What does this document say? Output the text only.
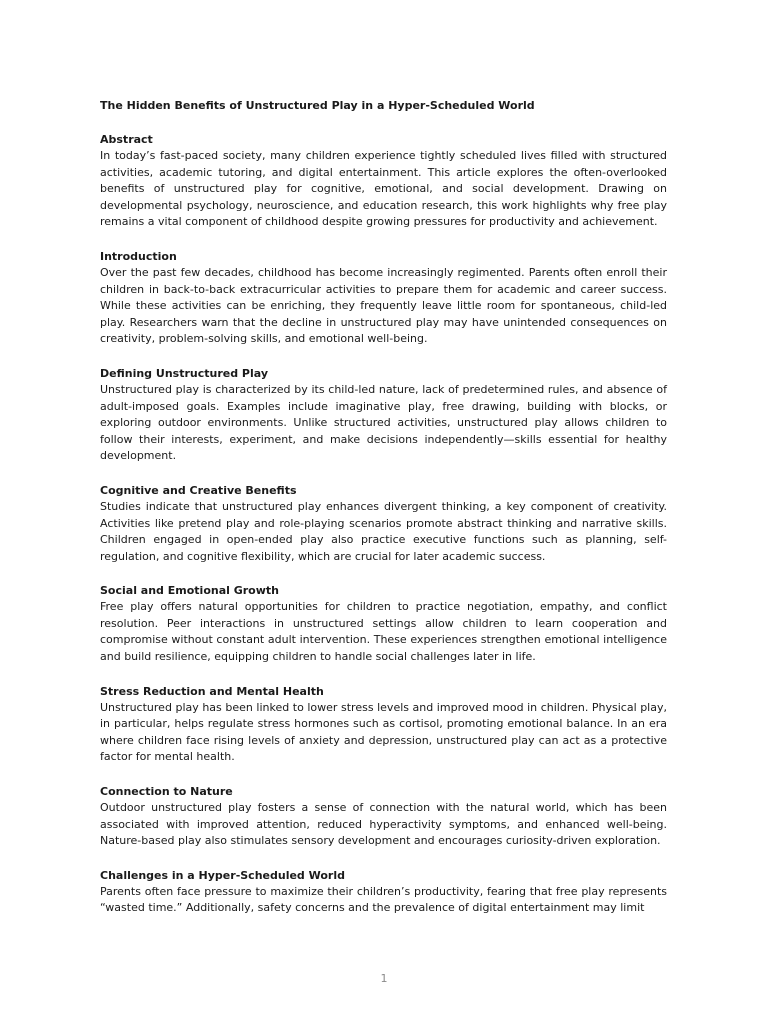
The Hidden Benefits of Unstructured Play in a Hyper-Scheduled World

Abstract

In today’s fast-paced society, many children experience tightly scheduled lives filled with structured activities, academic tutoring, and digital entertainment. This article explores the often-overlooked benefits of unstructured play for cognitive, emotional, and social development. Drawing on developmental psychology, neuroscience, and education research, this work highlights why free play remains a vital component of childhood despite growing pressures for productivity and achievement.

Introduction

Over the past few decades, childhood has become increasingly regimented. Parents often enroll their children in back-to-back extracurricular activities to prepare them for academic and career success. While these activities can be enriching, they frequently leave little room for spontaneous, child-led play. Researchers warn that the decline in unstructured play may have unintended consequences on creativity, problem-solving skills, and emotional well-being.

Defining Unstructured Play

Unstructured play is characterized by its child-led nature, lack of predetermined rules, and absence of adult-imposed goals. Examples include imaginative play, free drawing, building with blocks, or exploring outdoor environments. Unlike structured activities, unstructured play allows children to follow their interests, experiment, and make decisions independently—skills essential for healthy development.

Cognitive and Creative Benefits

Studies indicate that unstructured play enhances divergent thinking, a key component of creativity. Activities like pretend play and role-playing scenarios promote abstract thinking and narrative skills. Children engaged in open-ended play also practice executive functions such as planning, self-regulation, and cognitive flexibility, which are crucial for later academic success.

Social and Emotional Growth

Free play offers natural opportunities for children to practice negotiation, empathy, and conflict resolution. Peer interactions in unstructured settings allow children to learn cooperation and compromise without constant adult intervention. These experiences strengthen emotional intelligence and build resilience, equipping children to handle social challenges later in life.

Stress Reduction and Mental Health

Unstructured play has been linked to lower stress levels and improved mood in children. Physical play, in particular, helps regulate stress hormones such as cortisol, promoting emotional balance. In an era where children face rising levels of anxiety and depression, unstructured play can act as a protective factor for mental health.

Connection to Nature

Outdoor unstructured play fosters a sense of connection with the natural world, which has been associated with improved attention, reduced hyperactivity symptoms, and enhanced well-being. Nature-based play also stimulates sensory development and encourages curiosity-driven exploration.

Challenges in a Hyper-Scheduled World

Parents often face pressure to maximize their children’s productivity, fearing that free play represents “wasted time.” Additionally, safety concerns and the prevalence of digital entertainment may limit

1
